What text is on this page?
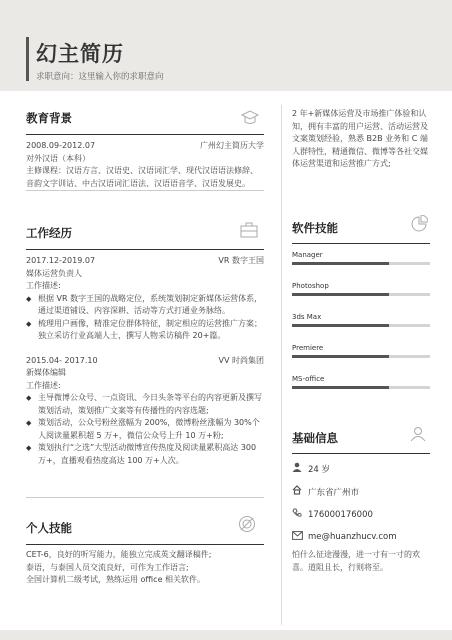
幻主简历
求职意向：这里输入你的求职意向
教育背景
2008.09-2012.07	广州幻主简历大学
对外汉语（本科）
主修课程：汉语方言、汉语史、汉语词汇学、现代汉语语法修辞、音韵文字训诂、中古汉语词汇语法、汉语语音学、汉语发展史。
工作经历
2017.12-2019.07	VR 数字王国
媒体运营负责人
工作描述:
◆ 根据 VR 数字王国的战略定位，系统策划制定新媒体运营体系，通过渠道铺设、内容深耕、活动等方式打通业务脉络。
◆ 梳理用户画像，精准定位群体特征，制定相应的运营推广方案；独立采访行业高端人士，撰写人物采访稿件 20+篇。
2015.04- 2017.10	VV 时尚集团
新媒体编辑
工作描述:
◆ 主导微博公众号、一点资讯、今日头条等平台的内容更新及撰写策划活动，策划推广文案等有传播性的内容选题;
◆ 策划活动，公众号粉丝涨幅为 200%，微博粉丝涨幅为 30%个人阅读量累积超 5 万+，微信公众号上升 10 万+粉;
◆ 策划执行“之选”大型活动微博宣传热度及阅读量累积高达 300 万+，直播观看热度高达 100 万+人次。
个人技能
CET-6，良好的听写能力，能独立完成英文翻译稿件;
泰语，与泰国人员交流良好，可作为工作语言;
全国计算机二级考试，熟练运用 office 相关软件。
2 年+新媒体运营及市场推广体验和认知，拥有丰富的用户运营、活动运营及文案策划经验，熟悉 B2B 业务和 C 端人群特性，精通微信、微博等各社交媒体运营渠道和运营推广方式;
软件技能
Manager
Photoshop
3ds Max
Premiere
MS-office
基础信息
24 岁
广东省广州市
176000176000
me@huanzhucv.com
怕什么征途漫漫，进一寸有一寸的欢喜。道阻且长，行则将至。
